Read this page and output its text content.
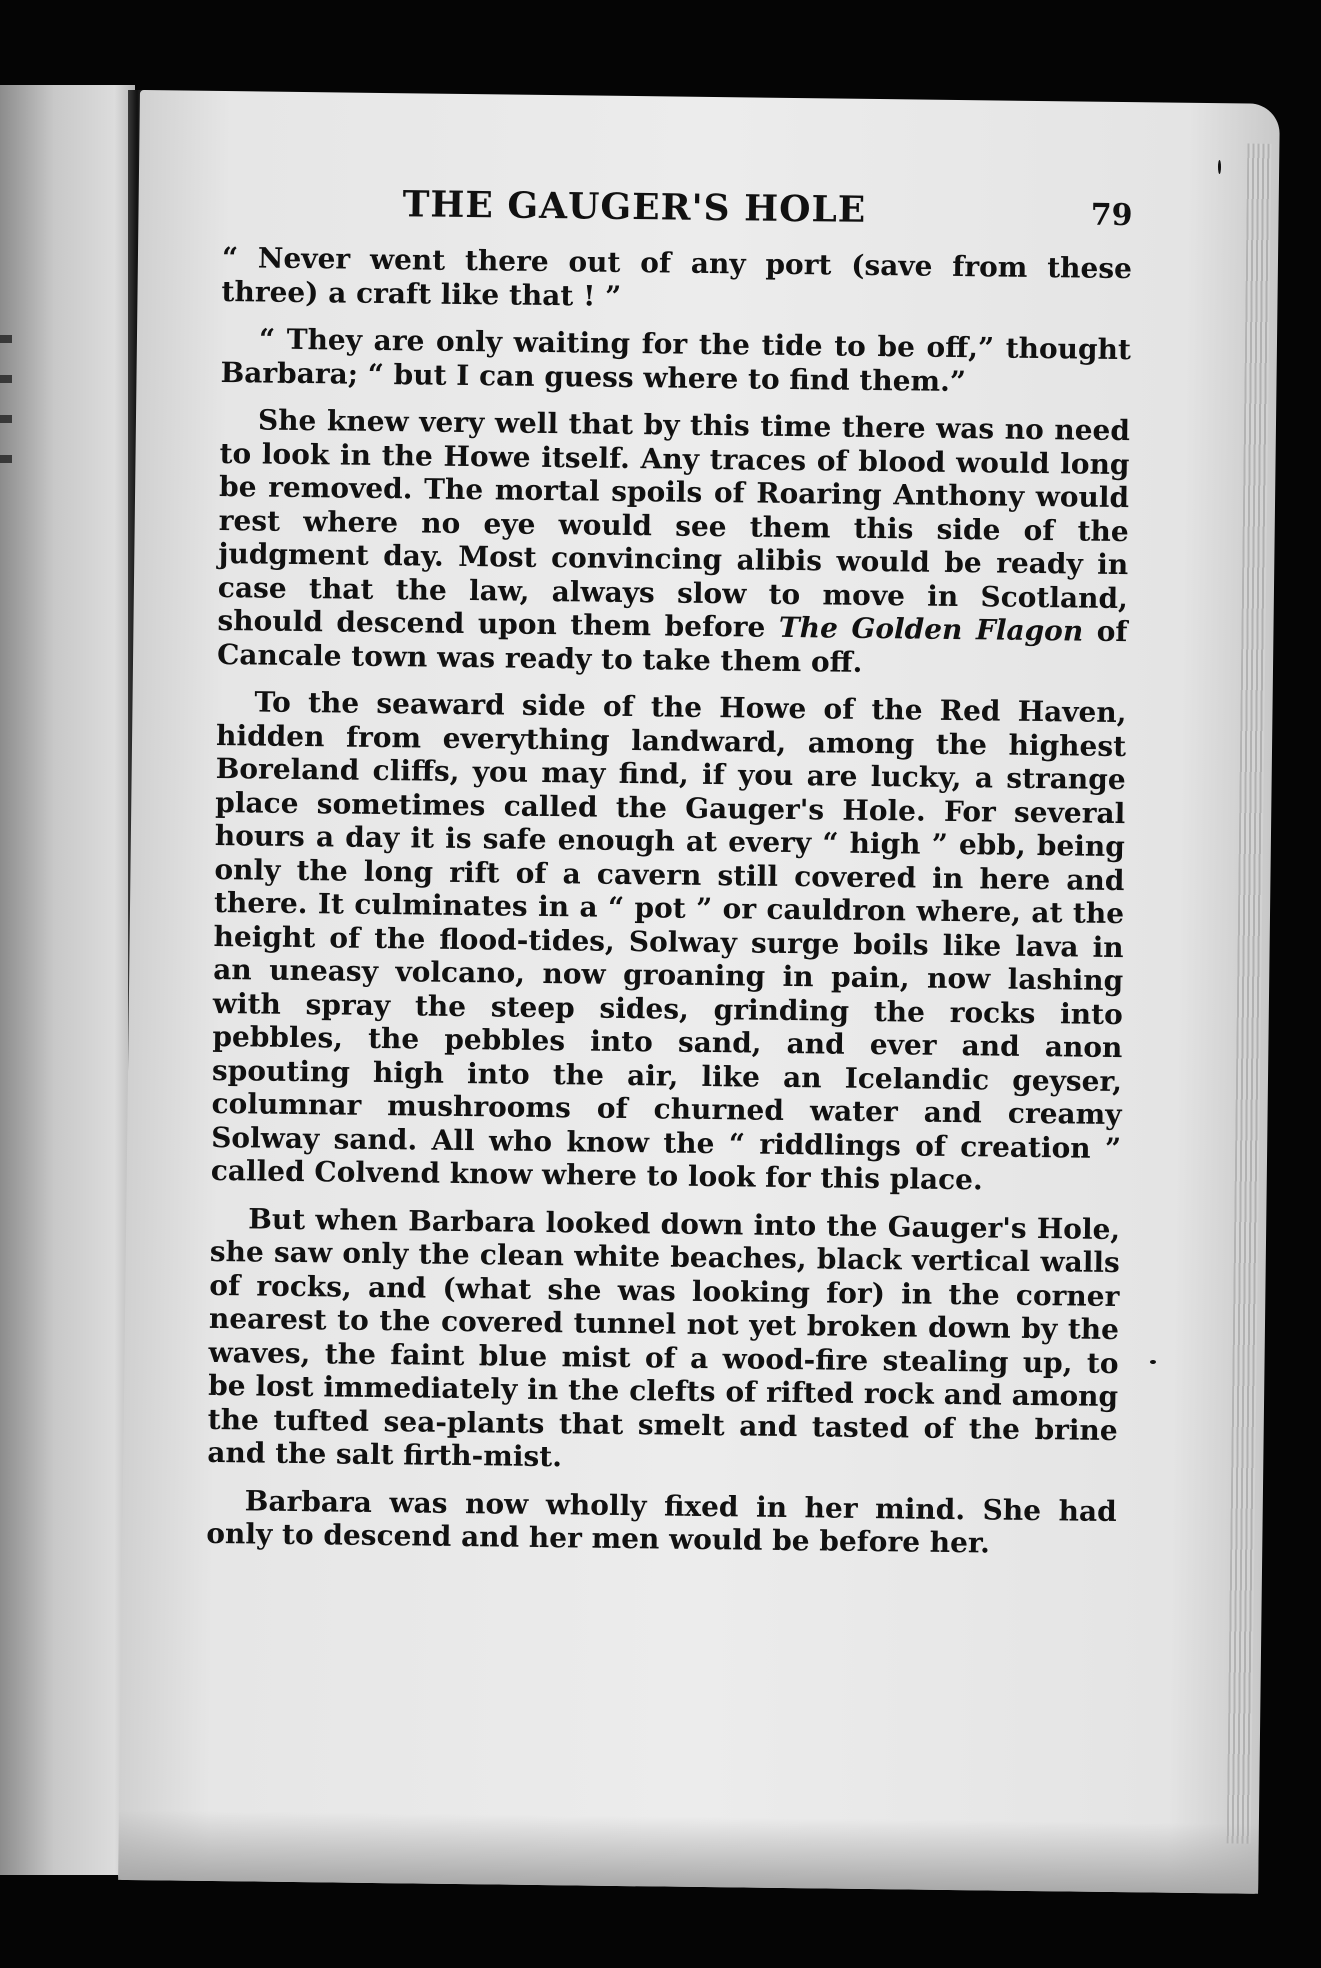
THE GAUGER'S HOLE	79

“ Never went there out of any port (save from these three) a craft like that ! ”

“ They are only waiting for the tide to be off,” thought Barbara; “ but I can guess where to find them.”

She knew very well that by this time there was no need to look in the Howe itself. Any traces of blood would long be removed. The mortal spoils of Roaring Anthony would rest where no eye would see them this side of the judgment day. Most convincing alibis would be ready in case that the law, always slow to move in Scotland, should descend upon them before The Golden Flagon of Cancale town was ready to take them off.

To the seaward side of the Howe of the Red Haven, hidden from everything landward, among the highest Boreland cliffs, you may find, if you are lucky, a strange place sometimes called the Gauger's Hole. For several hours a day it is safe enough at every “ high ” ebb, being only the long rift of a cavern still covered in here and there. It culminates in a “ pot ” or cauldron where, at the height of the flood-tides, Solway surge boils like lava in an uneasy volcano, now groaning in pain, now lashing with spray the steep sides, grinding the rocks into pebbles, the pebbles into sand, and ever and anon spouting high into the air, like an Icelandic geyser, columnar mushrooms of churned water and creamy Solway sand. All who know the “ riddlings of creation ” called Colvend know where to look for this place.

But when Barbara looked down into the Gauger's Hole, she saw only the clean white beaches, black vertical walls of rocks, and (what she was looking for) in the corner nearest to the covered tunnel not yet broken down by the waves, the faint blue mist of a wood-fire stealing up, to be lost immediately in the clefts of rifted rock and among the tufted sea-plants that smelt and tasted of the brine and the salt firth-mist.

Barbara was now wholly fixed in her mind. She had only to descend and her men would be before her.
